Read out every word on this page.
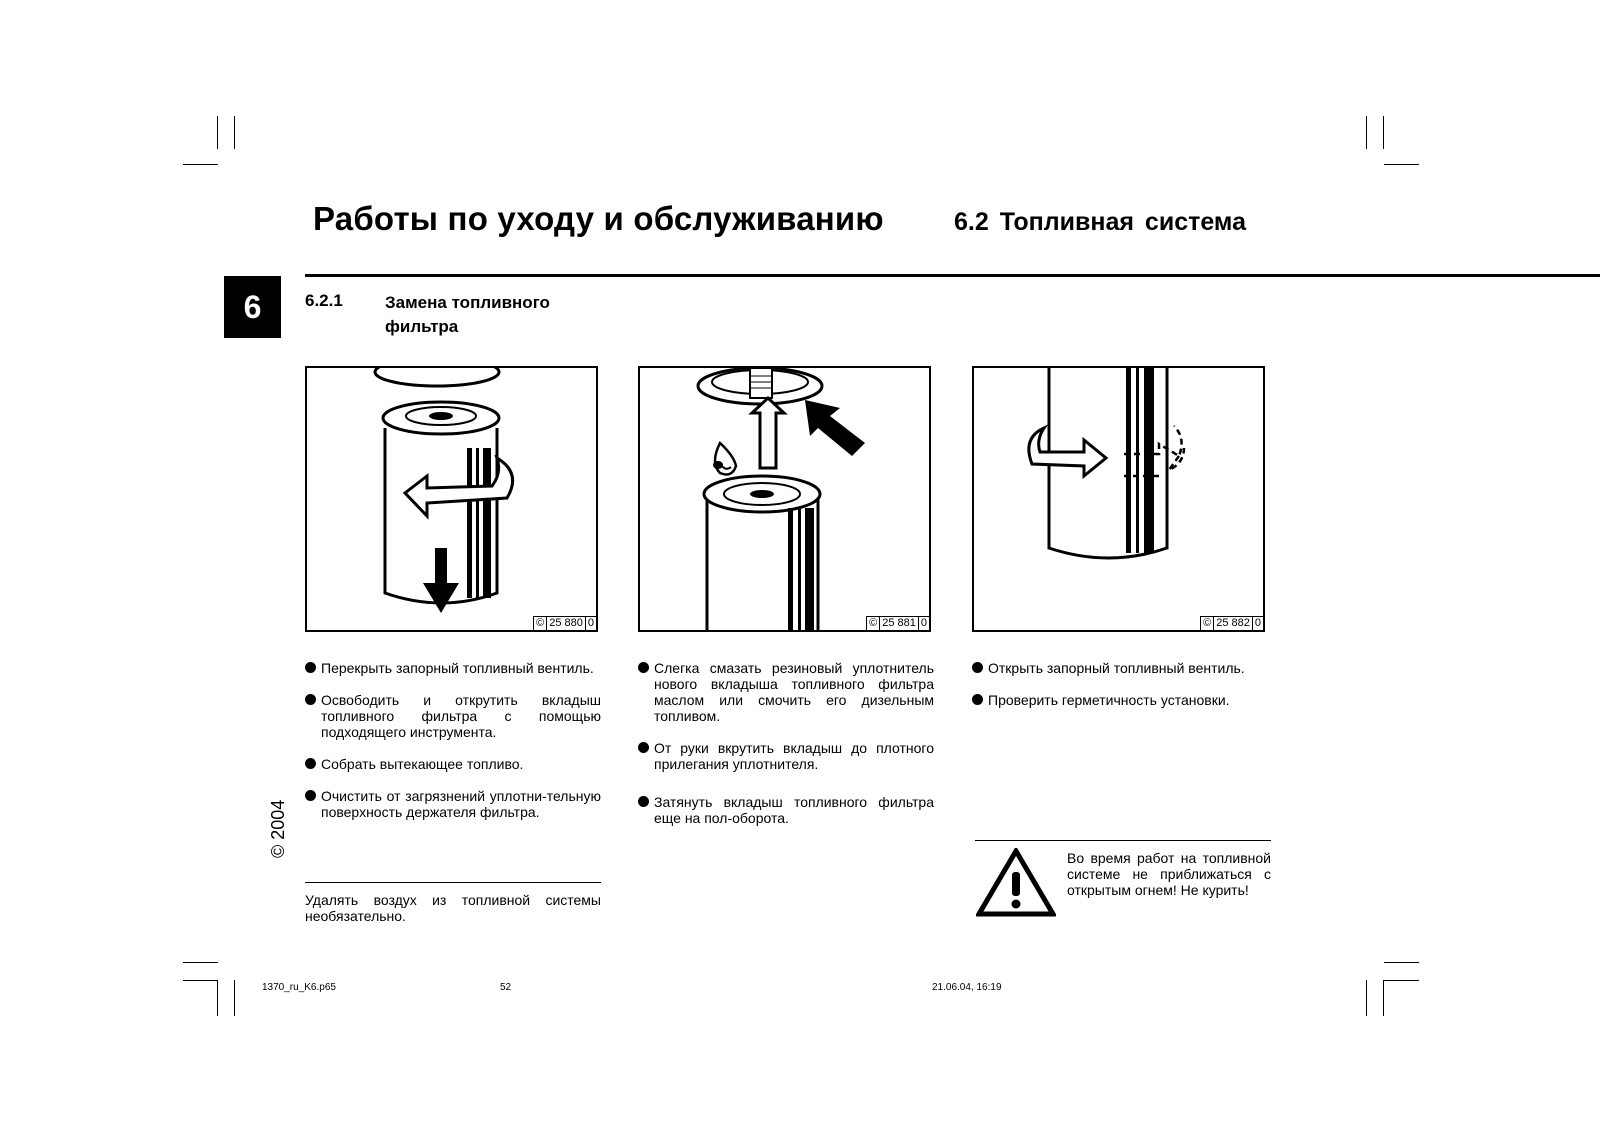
Работы по уходу и обслуживанию	6.2 Топливная система
6	6.2.1 Замена топливного
фильтра
© 25 880 0	© 25 881 0	© 25 882 0
Перекрыть запорный топливный вентиль.
Освободить и открутить вкладыш топливного фильтра с помощью подходящего инструмента.
Собрать вытекающее топливо.
Очистить от загрязнений уплотни-тельную поверхность держателя фильтра.
Слегка смазать резиновый уплотнитель нового вкладыша топливного фильтра маслом или смочить его дизельным топливом.
От руки вкрутить вкладыш до плотного прилегания уплотнителя.
Затянуть вкладыш топливного фильтра еще на пол-оборота.
Открыть запорный топливный вентиль.
Проверить герметичность установки.
Удалять воздух из топливной системы необязательно.
Во время работ на топливной системе не приближаться с открытым огнем! Не курить!
© 2004
1370_ru_K6.p65	52	21.06.04, 16:19
